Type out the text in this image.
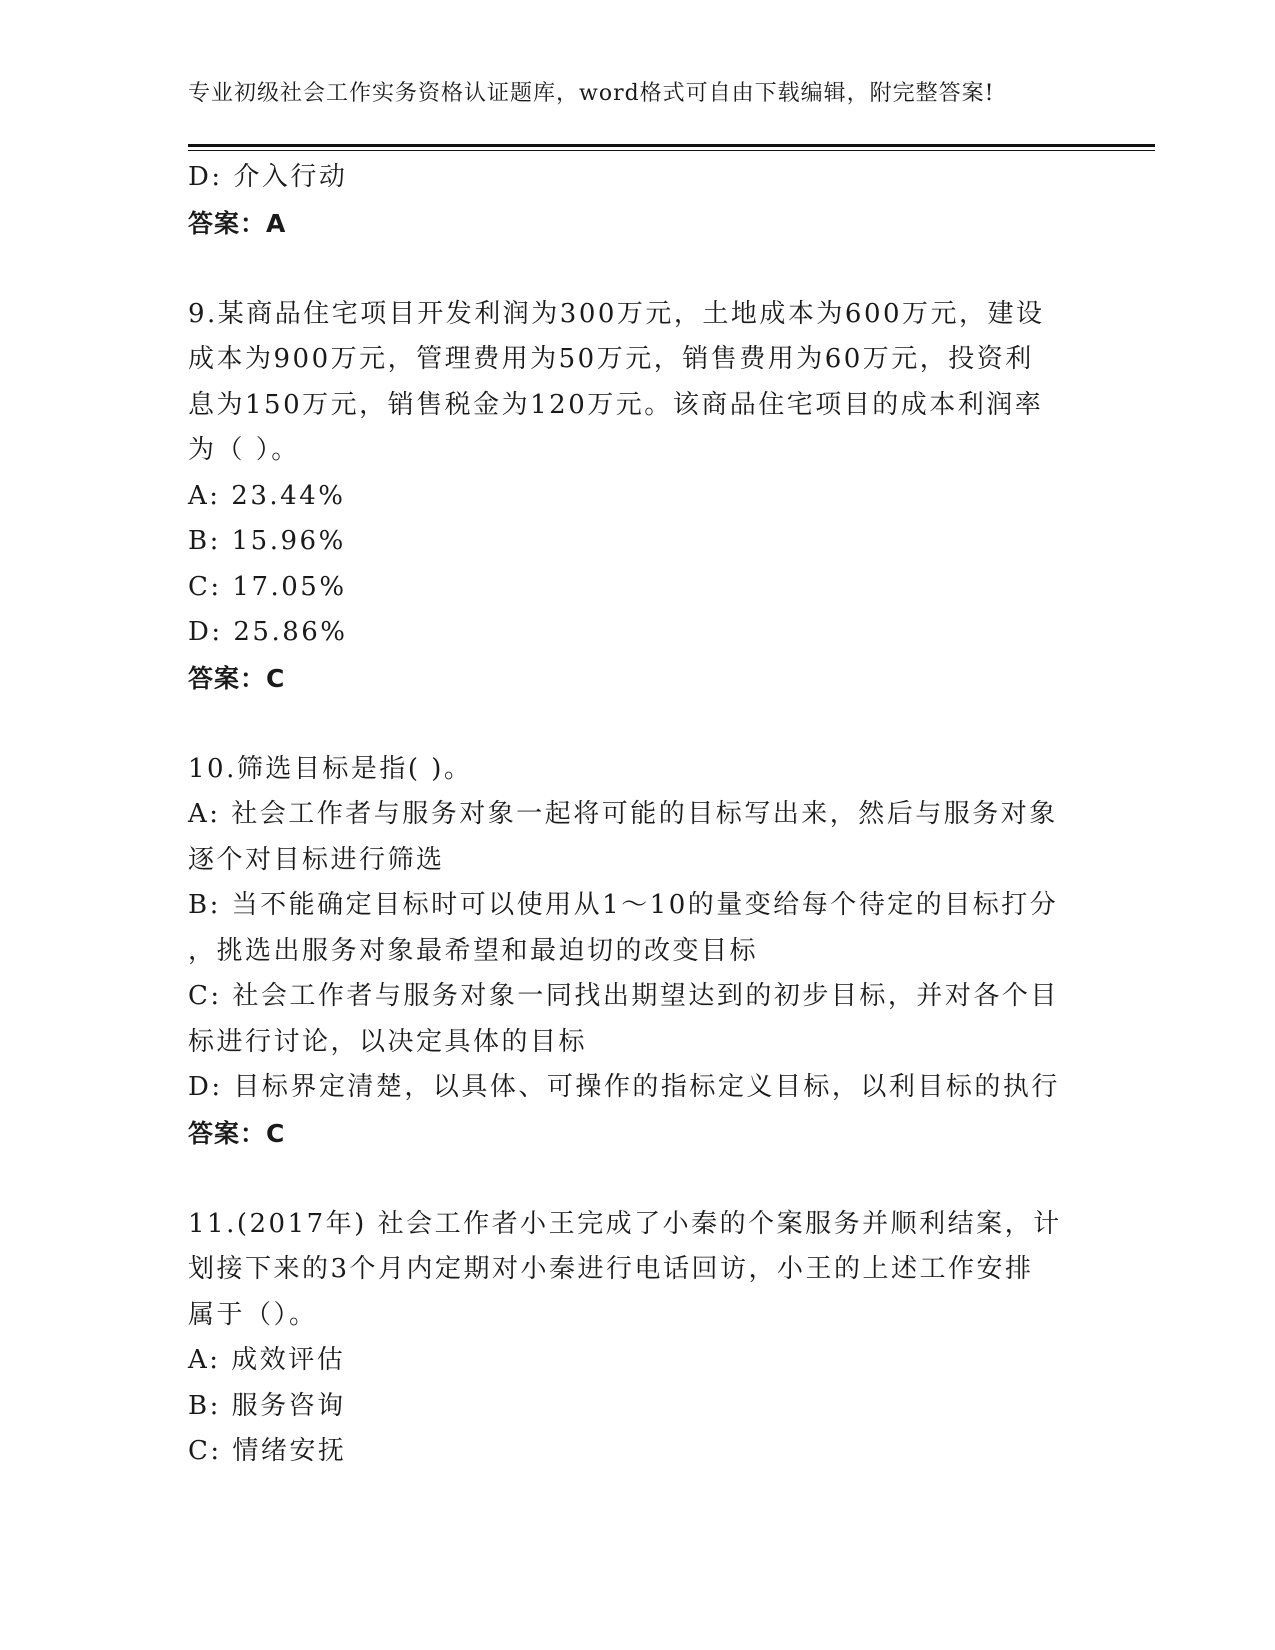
专业初级社会工作实务资格认证题库，word格式可自由下载编辑，附完整答案!
D: 介入行动
答案：A
9.某商品住宅项目开发利润为300万元，土地成本为600万元，建设
成本为900万元，管理费用为50万元，销售费用为60万元，投资利
息为150万元，销售税金为120万元。该商品住宅项目的成本利润率
为（ ）。
A: 23.44%
B: 15.96%
C: 17.05%
D: 25.86%
答案：C
10.筛选目标是指( )。
A: 社会工作者与服务对象一起将可能的目标写出来，然后与服务对象
逐个对目标进行筛选
B: 当不能确定目标时可以使用从1～10的量变给每个待定的目标打分
，挑选出服务对象最希望和最迫切的改变目标
C: 社会工作者与服务对象一同找出期望达到的初步目标，并对各个目
标进行讨论，以决定具体的目标
D: 目标界定清楚，以具体、可操作的指标定义目标，以利目标的执行
答案：C
11.(2017年) 社会工作者小王完成了小秦的个案服务并顺利结案，计
划接下来的3个月内定期对小秦进行电话回访，小王的上述工作安排
属于（）。
A: 成效评估
B: 服务咨询
C: 情绪安抚
